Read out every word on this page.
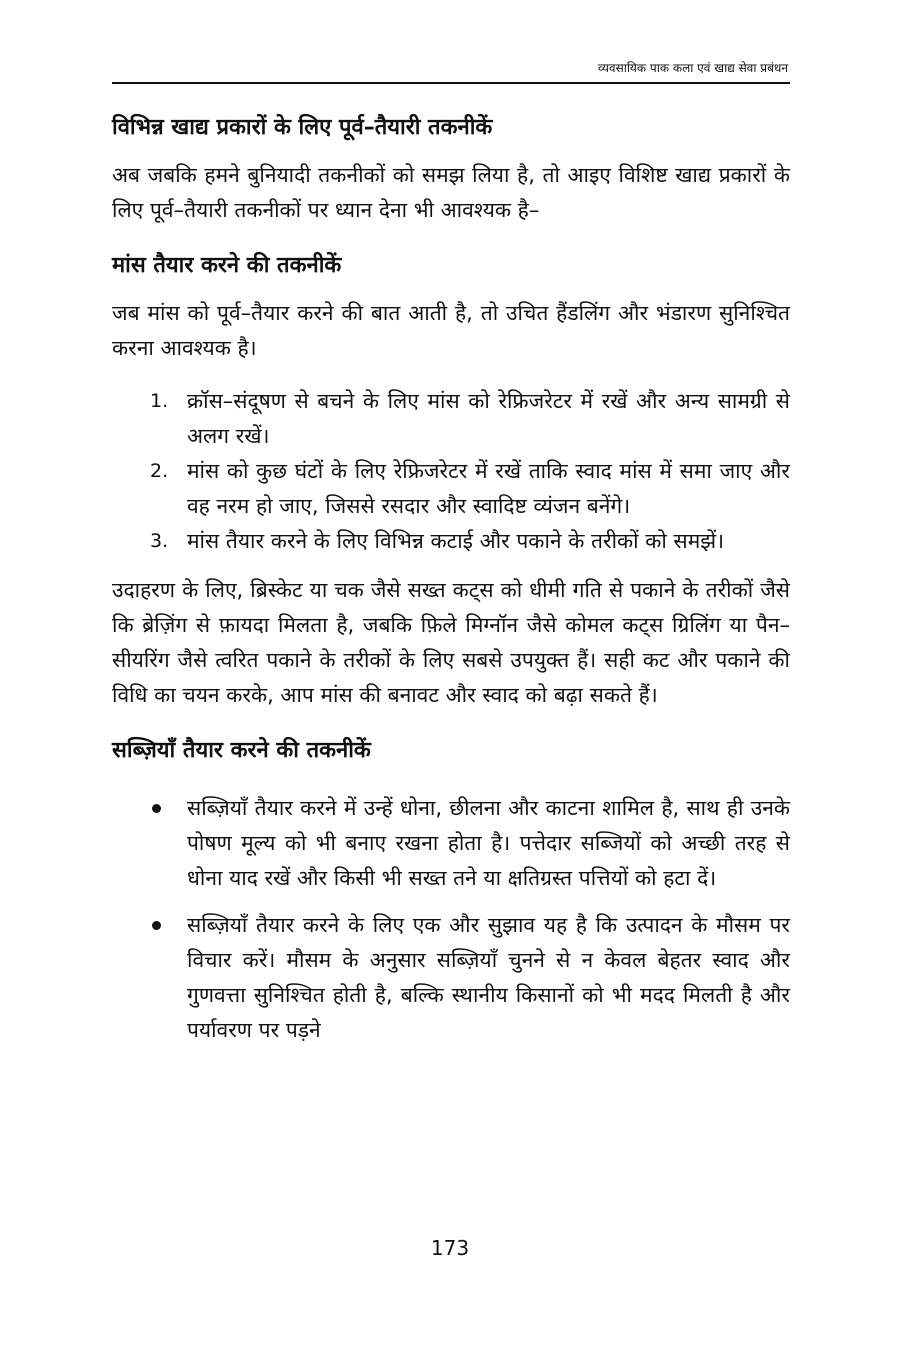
व्यवसायिक पाक कला एवं खाद्य सेवा प्रबंधन
विभिन्न खाद्य प्रकारों के लिए पूर्व–तैयारी तकनीकें

अब जबकि हमने बुनियादी तकनीकों को समझ लिया है, तो आइए विशिष्ट खाद्य प्रकारों के लिए पूर्व–तैयारी तकनीकों पर ध्यान देना भी आवश्यक है–

मांस तैयार करने की तकनीकें

जब मांस को पूर्व–तैयार करने की बात आती है, तो उचित हैंडलिंग और भंडारण सुनिश्चित करना आवश्यक है।

1. क्रॉस–संदूषण से बचने के लिए मांस को रेफ्रिजरेटर में रखें और अन्य सामग्री से अलग रखें।
2. मांस को कुछ घंटों के लिए रेफ्रिजरेटर में रखें ताकि स्वाद मांस में समा जाए और वह नरम हो जाए, जिससे रसदार और स्वादिष्ट व्यंजन बनेंगे।
3. मांस तैयार करने के लिए विभिन्न कटाई और पकाने के तरीकों को समझें।

उदाहरण के लिए, ब्रिस्केट या चक जैसे सख्त कट्स को धीमी गति से पकाने के तरीकों जैसे कि ब्रेज़िंग से फ़ायदा मिलता है, जबकि फ़िले मिग्नॉन जैसे कोमल कट्स ग्रिलिंग या पैन–सीयरिंग जैसे त्वरित पकाने के तरीकों के लिए सबसे उपयुक्त हैं। सही कट और पकाने की विधि का चयन करके, आप मांस की बनावट और स्वाद को बढ़ा सकते हैं।

सब्ज़ियाँ तैयार करने की तकनीकें
सब्ज़ियाँ तैयार करने में उन्हें धोना, छीलना और काटना शामिल है, साथ ही उनके पोषण मूल्य को भी बनाए रखना होता है। पत्तेदार सब्जियों को अच्छी तरह से धोना याद रखें और किसी भी सख्त तने या क्षतिग्रस्त पत्तियों को हटा दें।
सब्ज़ियाँ तैयार करने के लिए एक और सुझाव यह है कि उत्पादन के मौसम पर विचार करें। मौसम के अनुसार सब्ज़ियाँ चुनने से न केवल बेहतर स्वाद और गुणवत्ता सुनिश्चित होती है, बल्कि स्थानीय किसानों को भी मदद मिलती है और पर्यावरण पर पड़ने
173
